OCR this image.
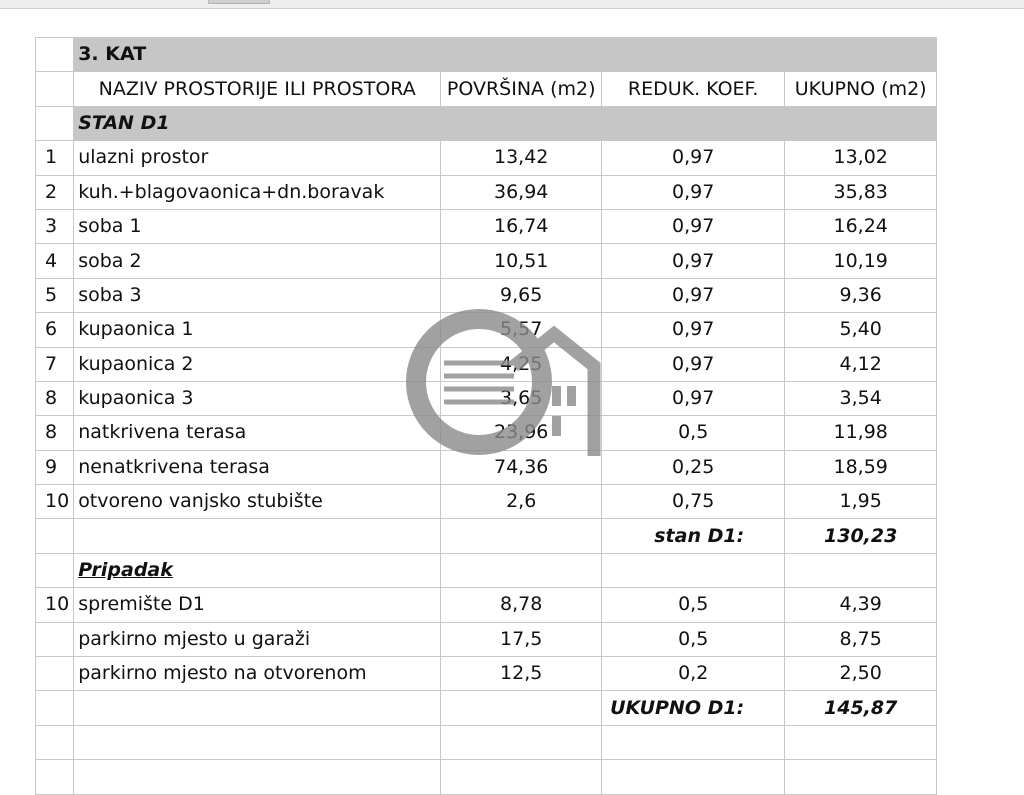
	3. KAT			
	NAZIV PROSTORIJE ILI PROSTORA	POVRŠINA (m2)	REDUK. KOEF.	UKUPNO (m2)
	STAN D1			
1	ulazni prostor	13,42	0,97	13,02
2	kuh.+blagovaonica+dn.boravak	36,94	0,97	35,83
3	soba 1	16,74	0,97	16,24
4	soba 2	10,51	0,97	10,19
5	soba 3	9,65	0,97	9,36
6	kupaonica 1	5,57	0,97	5,40
7	kupaonica 2	4,25	0,97	4,12
8	kupaonica 3	3,65	0,97	3,54
8	natkrivena terasa	23,96	0,5	11,98
9	nenatkrivena terasa	74,36	0,25	18,59
10	otvoreno vanjsko stubište	2,6	0,75	1,95
			stan D1:	130,23
	Pripadak			
10	spremište D1	8,78	0,5	4,39
	parkirno mjesto u garaži	17,5	0,5	8,75
	parkirno mjesto na otvorenom	12,5	0,2	2,50
			UKUPNO D1:	145,87
